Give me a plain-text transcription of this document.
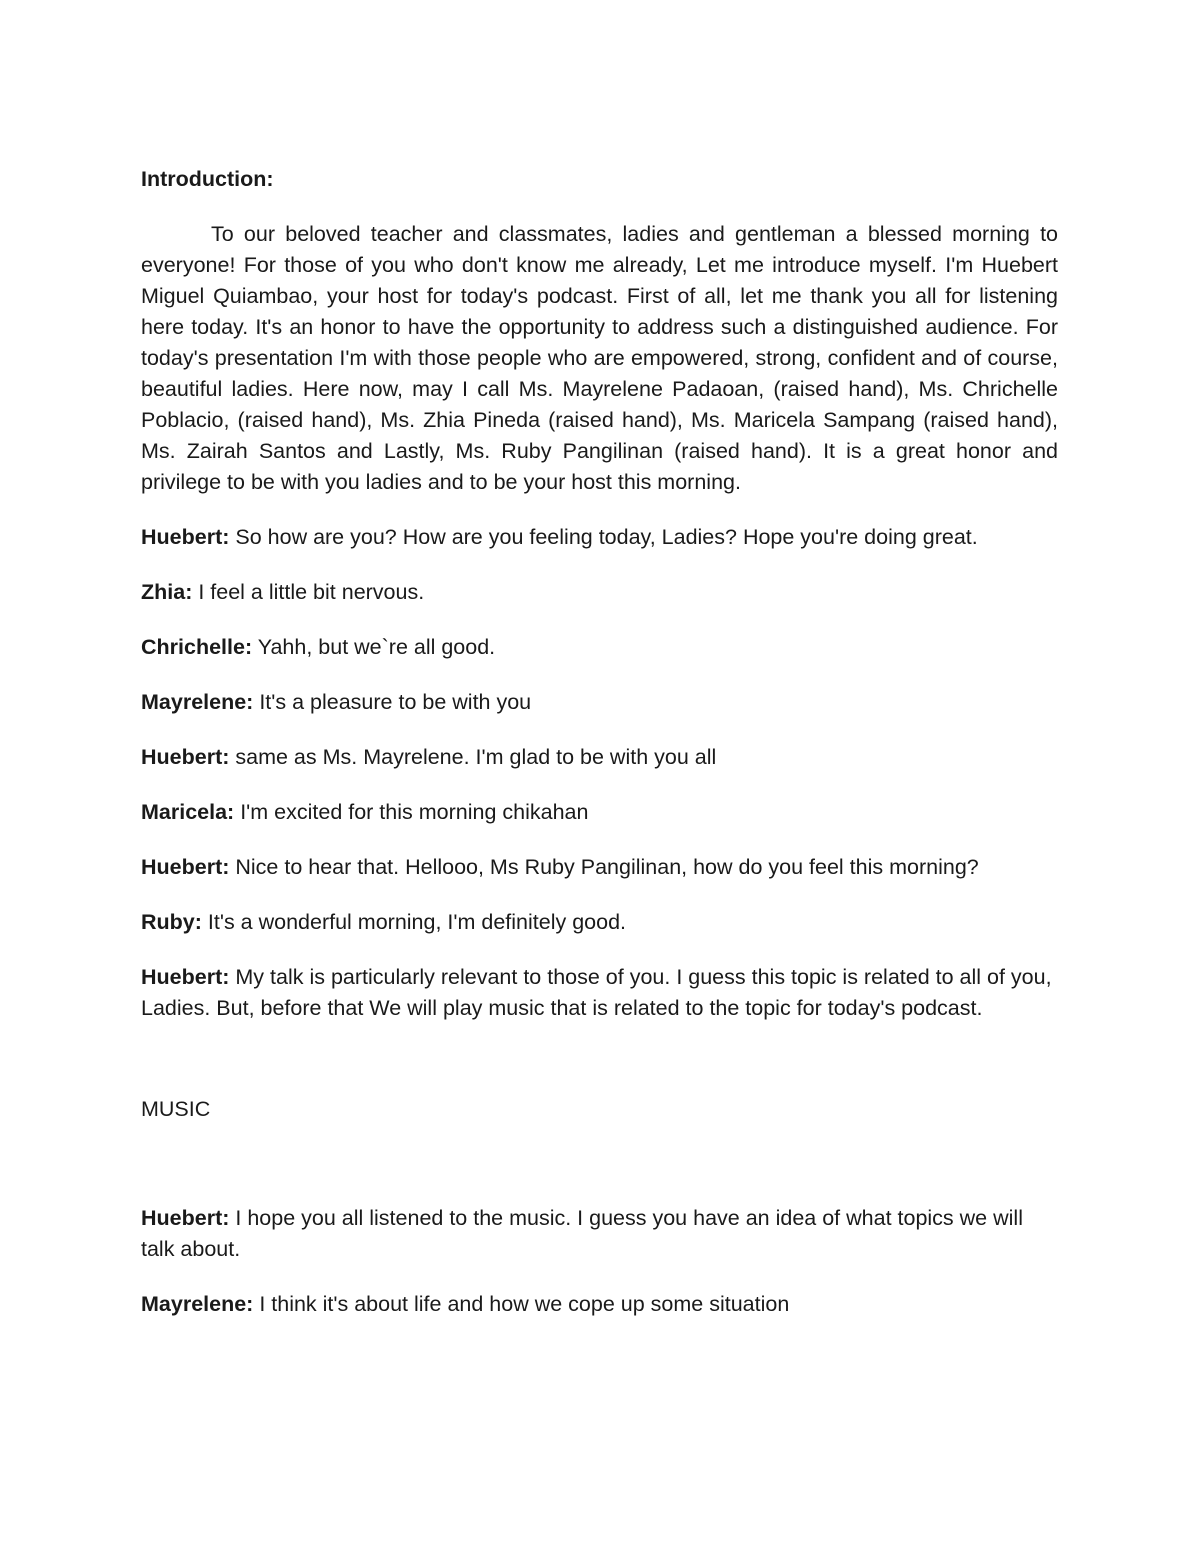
Introduction:

To our beloved teacher and classmates, ladies and gentleman a blessed morning to everyone! For those of you who don't know me already, Let me introduce myself. I'm Huebert Miguel Quiambao, your host for today's podcast. First of all, let me thank you all for listening here today. It's an honor to have the opportunity to address such a distinguished audience. For today's presentation I'm with those people who are empowered, strong, confident and of course, beautiful ladies. Here now, may I call Ms. Mayrelene Padaoan, (raised hand), Ms. Chrichelle Poblacio, (raised hand), Ms. Zhia Pineda (raised hand), Ms. Maricela Sampang (raised hand), Ms. Zairah Santos and Lastly, Ms. Ruby Pangilinan (raised hand). It is a great honor and privilege to be with you ladies and to be your host this morning.

Huebert: So how are you? How are you feeling today, Ladies? Hope you're doing great.

Zhia: I feel a little bit nervous.

Chrichelle: Yahh, but we`re all good.

Mayrelene: It's a pleasure to be with you

Huebert: same as Ms. Mayrelene. I'm glad to be with you all

Maricela: I'm excited for this morning chikahan

Huebert: Nice to hear that. Hellooo, Ms Ruby Pangilinan, how do you feel this morning?

Ruby: It's a wonderful morning, I'm definitely good.

Huebert: My talk is particularly relevant to those of you. I guess this topic is related to all of you, Ladies. But, before that We will play music that is related to the topic for today's podcast.

MUSIC

Huebert: I hope you all listened to the music. I guess you have an idea of what topics we will talk about.

Mayrelene: I think it's about life and how we cope up some situation
